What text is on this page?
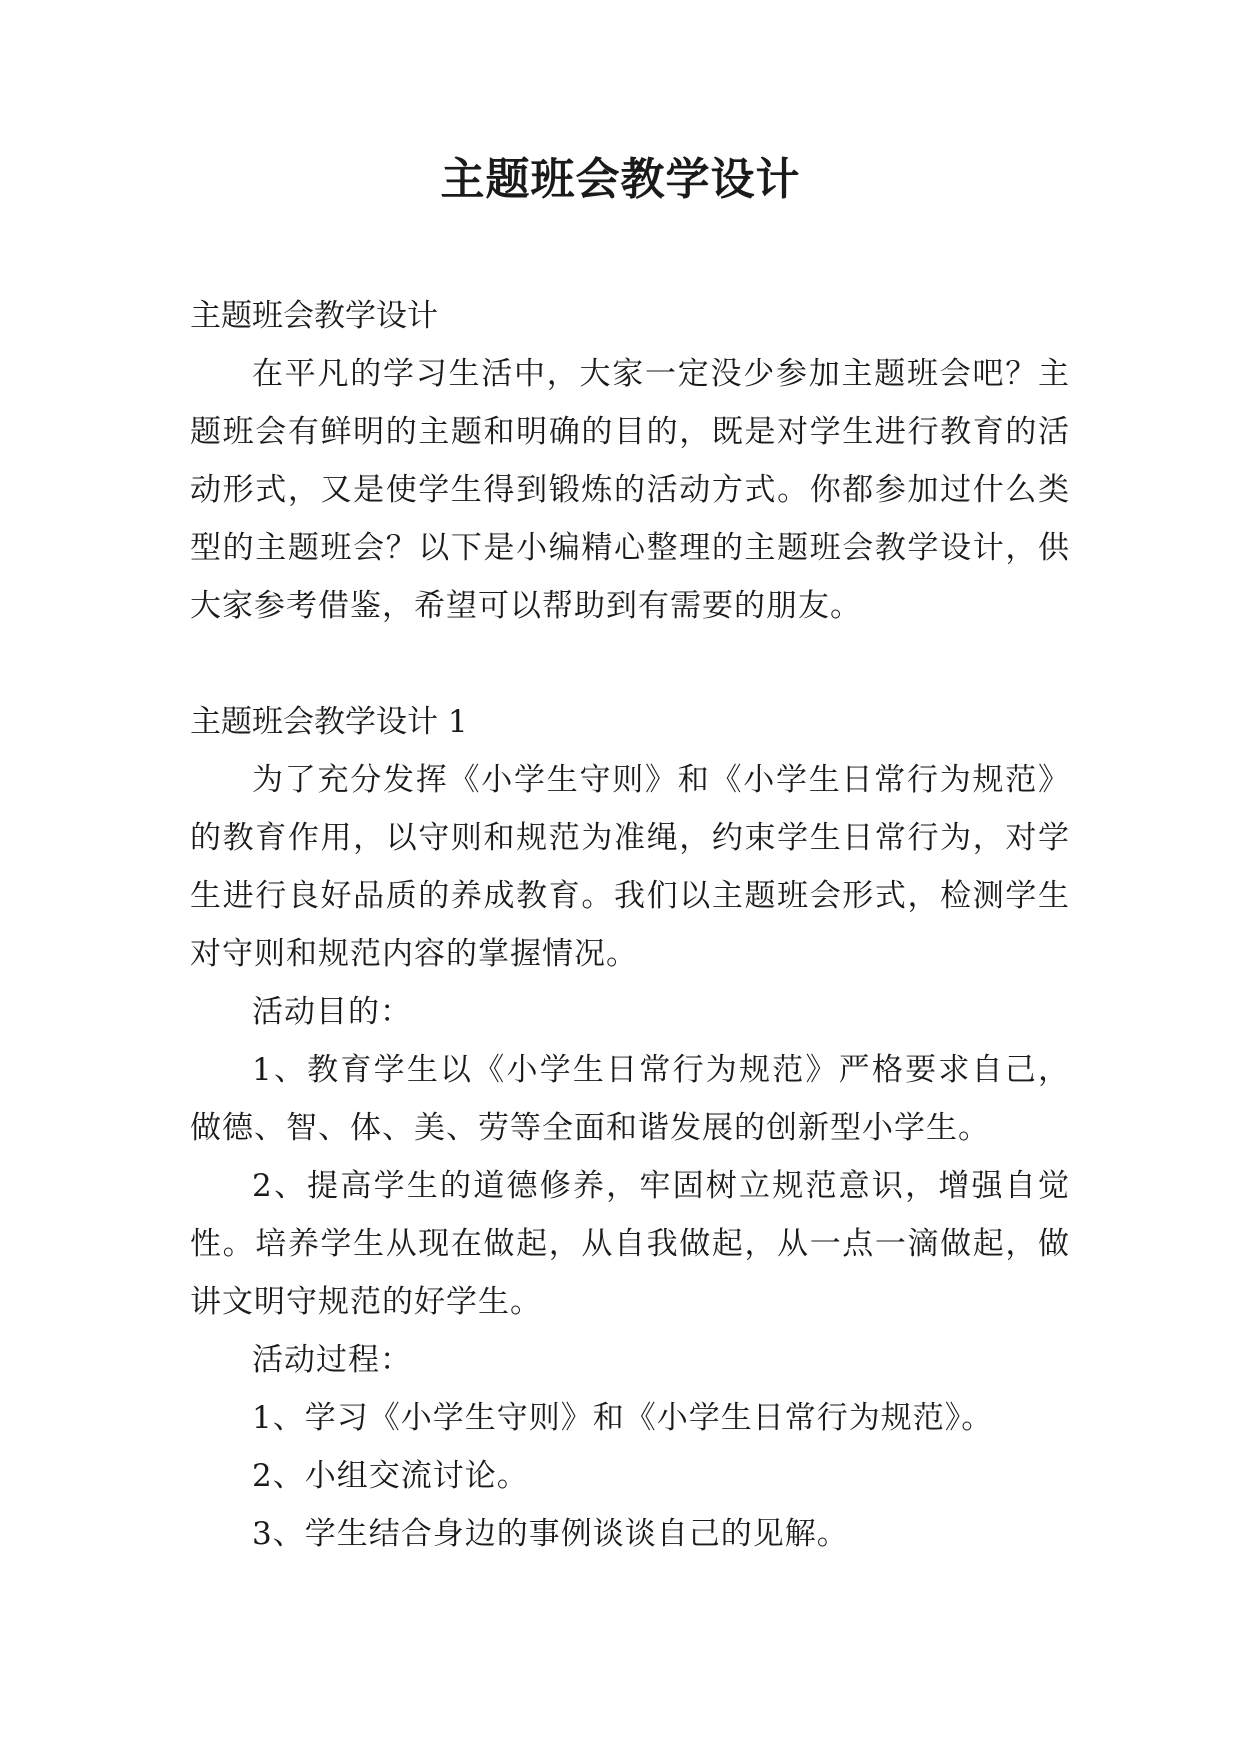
主题班会教学设计

主题班会教学设计

在平凡的学习生活中，大家一定没少参加主题班会吧？主题班会有鲜明的主题和明确的目的，既是对学生进行教育的活动形式，又是使学生得到锻炼的活动方式。你都参加过什么类型的主题班会？以下是小编精心整理的主题班会教学设计，供大家参考借鉴，希望可以帮助到有需要的朋友。

主题班会教学设计 1

为了充分发挥《小学生守则》和《小学生日常行为规范》的教育作用，以守则和规范为准绳，约束学生日常行为，对学生进行良好品质的养成教育。我们以主题班会形式，检测学生对守则和规范内容的掌握情况。

活动目的：

1、教育学生以《小学生日常行为规范》严格要求自己，做德、智、体、美、劳等全面和谐发展的创新型小学生。

2、提高学生的道德修养，牢固树立规范意识，增强自觉性。培养学生从现在做起，从自我做起，从一点一滴做起，做讲文明守规范的好学生。

活动过程：

1、学习《小学生守则》和《小学生日常行为规范》。

2、小组交流讨论。

3、学生结合身边的事例谈谈自己的见解。
